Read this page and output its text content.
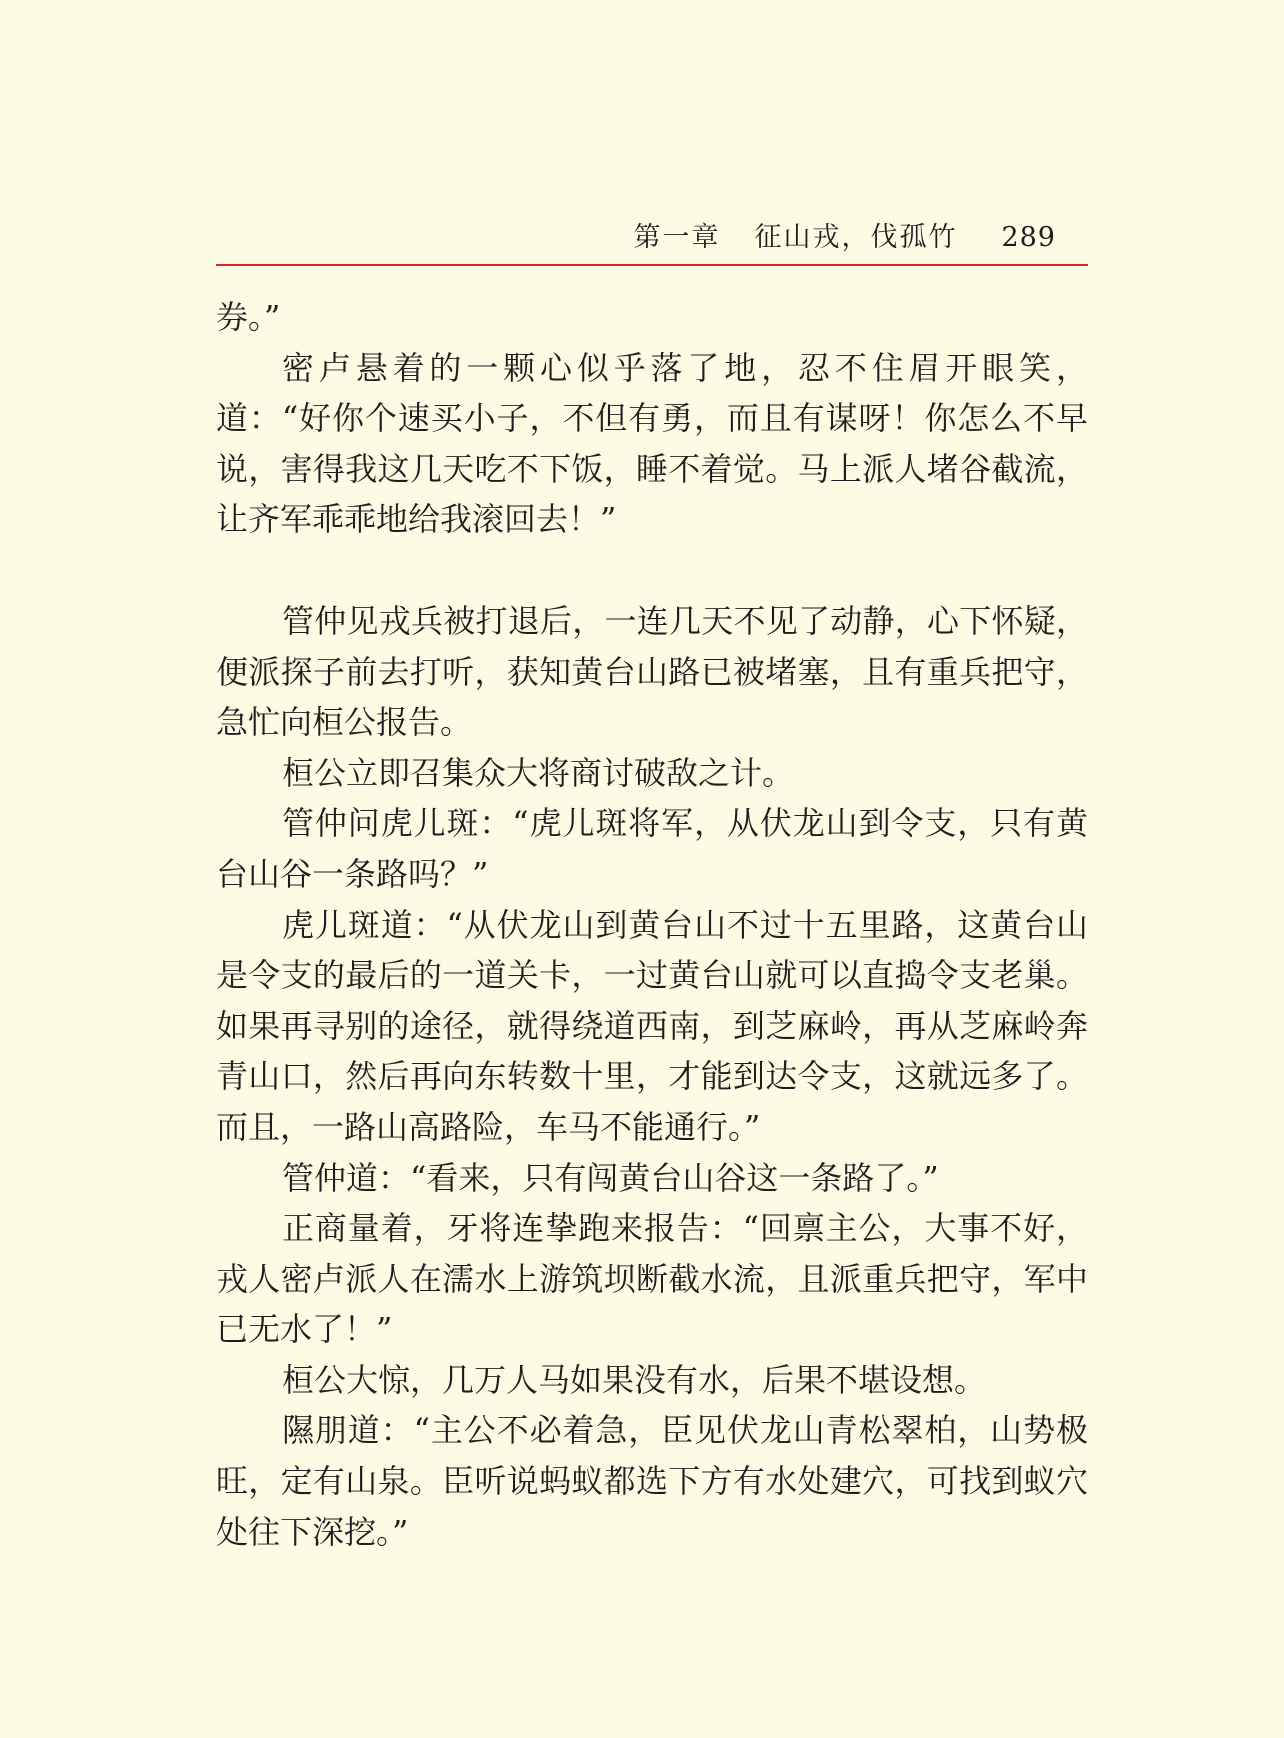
第一章 征山戎，伐孤竹 289

券。”

密卢悬着的一颗心似乎落了地，忍不住眉开眼笑，道：“好你个速买小子，不但有勇，而且有谋呀！你怎么不早说，害得我这几天吃不下饭，睡不着觉。马上派人堵谷截流，让齐军乖乖地给我滚回去！”

管仲见戎兵被打退后，一连几天不见了动静，心下怀疑，便派探子前去打听，获知黄台山路已被堵塞，且有重兵把守，急忙向桓公报告。

桓公立即召集众大将商讨破敌之计。

管仲问虎儿斑：“虎儿斑将军，从伏龙山到令支，只有黄台山谷一条路吗？”

虎儿斑道：“从伏龙山到黄台山不过十五里路，这黄台山是令支的最后的一道关卡，一过黄台山就可以直捣令支老巢。如果再寻别的途径，就得绕道西南，到芝麻岭，再从芝麻岭奔青山口，然后再向东转数十里，才能到达令支，这就远多了。而且，一路山高路险，车马不能通行。”

管仲道：“看来，只有闯黄台山谷这一条路了。”

正商量着，牙将连挚跑来报告：“回禀主公，大事不好，戎人密卢派人在濡水上游筑坝断截水流，且派重兵把守，军中已无水了！”

桓公大惊，几万人马如果没有水，后果不堪设想。

隰朋道：“主公不必着急，臣见伏龙山青松翠柏，山势极旺，定有山泉。臣听说蚂蚁都选下方有水处建穴，可找到蚁穴处往下深挖。”
